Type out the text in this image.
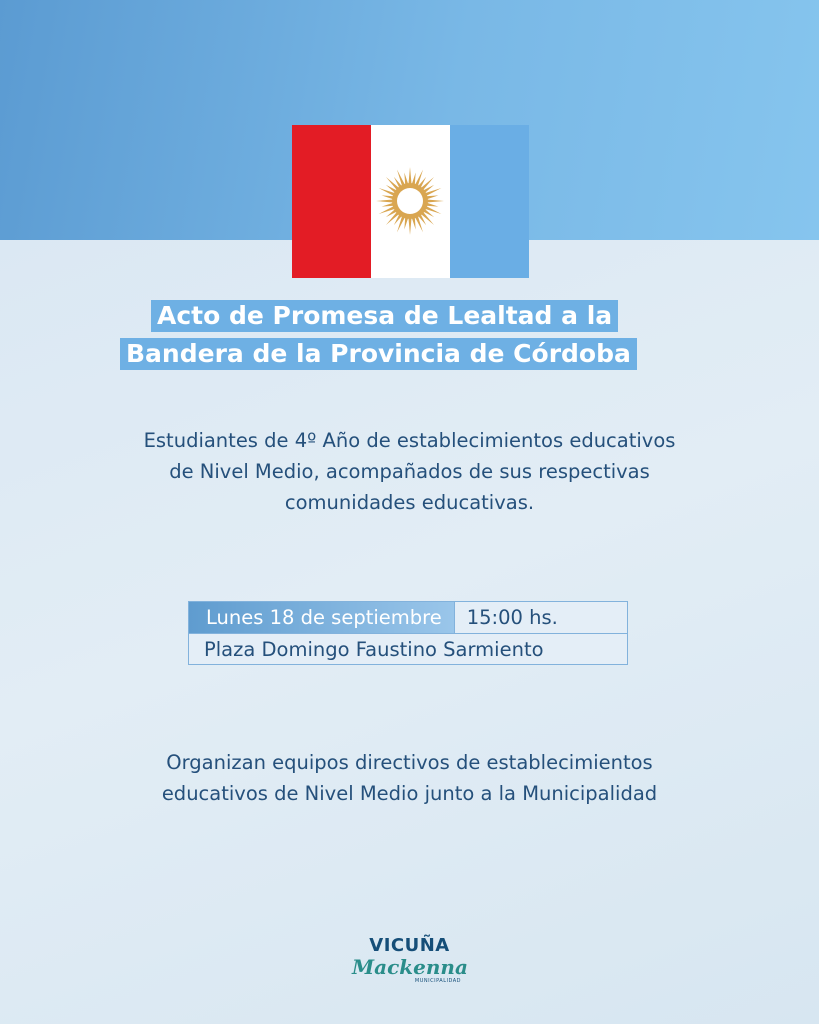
Acto de Promesa de Lealtad a la
Bandera de la Provincia de Córdoba
Estudiantes de 4º Año de establecimientos educativos
de Nivel Medio, acompañados de sus respectivas
comunidades educativas.
Lunes 18 de septiembre	15:00 hs.
Plaza Domingo Faustino Sarmiento
Organizan equipos directivos de establecimientos
educativos de Nivel Medio junto a la Municipalidad
VICUÑA
Mackenna
MUNICIPALIDAD
